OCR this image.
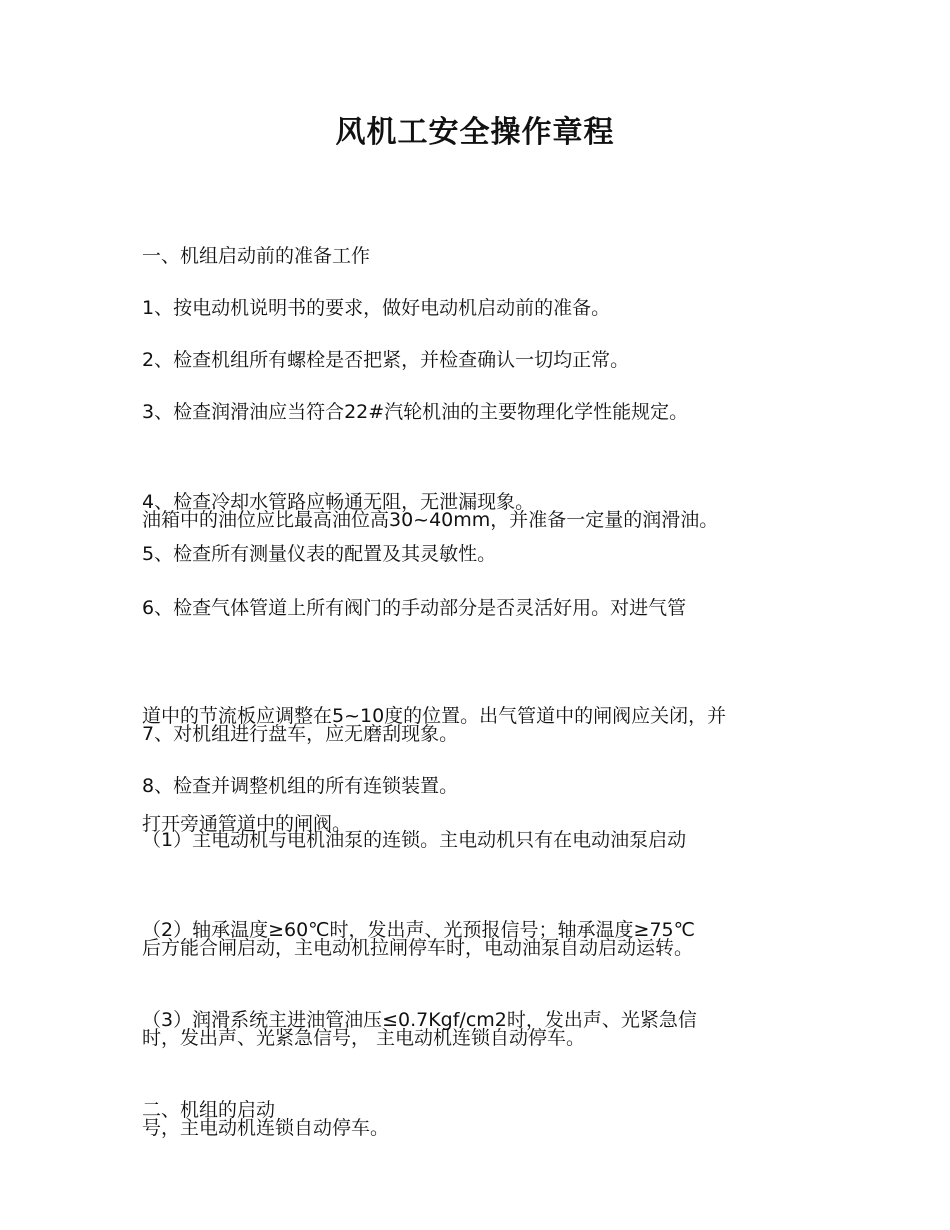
风机工安全操作章程

一、机组启动前的准备工作

1、按电动机说明书的要求，做好电动机启动前的准备。

2、检查机组所有螺栓是否把紧，并检查确认一切均正常。

3、检查润滑油应当符合22#汽轮机油的主要物理化学性能规定。

油箱中的油位应比最高油位高30~40mm，并准备一定量的润滑油。

4、检查冷却水管路应畅通无阻，无泄漏现象。

5、检查所有测量仪表的配置及其灵敏性。

6、检查气体管道上所有阀门的手动部分是否灵活好用。对进气管

道中的节流板应调整在5~10度的位置。出气管道中的闸阀应关闭，并

打开旁通管道中的闸阀。

7、对机组进行盘车，应无磨刮现象。

8、检查并调整机组的所有连锁装置。

（1）主电动机与电机油泵的连锁。主电动机只有在电动油泵启动

后方能合闸启动，主电动机拉闸停车时，电动油泵自动启动运转。

（2）轴承温度≥60℃时，发出声、光预报信号；轴承温度≥75℃

时，发出声、光紧急信号， 主电动机连锁自动停车。

（3）润滑系统主进油管油压≤0.7Kgf/cm2时，发出声、光紧急信

号，主电动机连锁自动停车。

二、机组的启动
